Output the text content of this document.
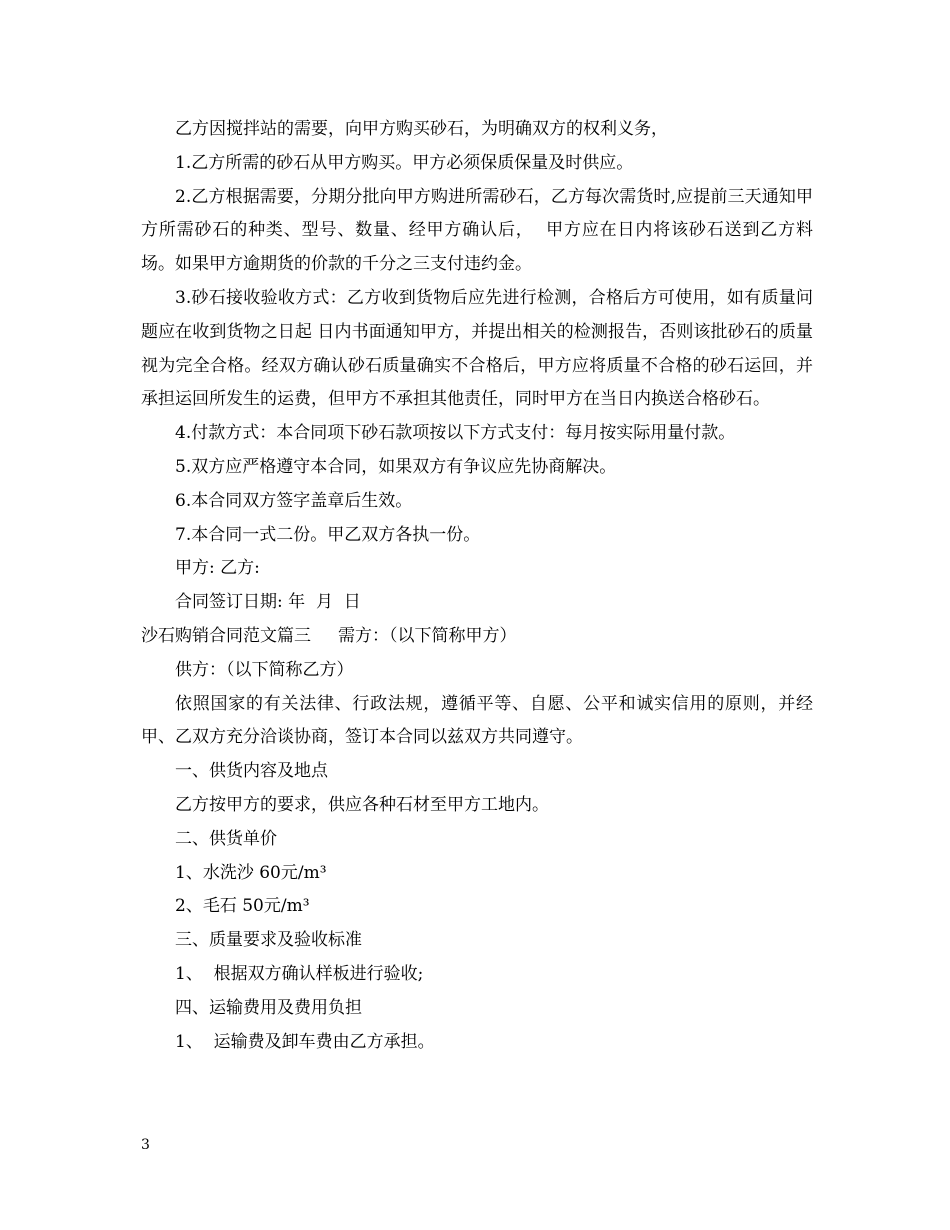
乙方因搅拌站的需要，向甲方购买砂石，为明确双方的权利义务，

1.乙方所需的砂石从甲方购买。甲方必须保质保量及时供应。

2.乙方根据需要，分期分批向甲方购进所需砂石，乙方每次需货时,应提前三天通知甲方所需砂石的种类、型号、数量、经甲方确认后，  甲方应在日内将该砂石送到乙方料场。如果甲方逾期货的价款的千分之三支付违约金。

3.砂石接收验收方式：乙方收到货物后应先进行检测，合格后方可使用，如有质量问题应在收到货物之日起 日内书面通知甲方，并提出相关的检测报告，否则该批砂石的质量视为完全合格。经双方确认砂石质量确实不合格后，甲方应将质量不合格的砂石运回，并承担运回所发生的运费，但甲方不承担其他责任，同时甲方在当日内换送合格砂石。

4.付款方式：本合同项下砂石款项按以下方式支付：每月按实际用量付款。

5.双方应严格遵守本合同，如果双方有争议应先协商解决。

6.本合同双方签字盖章后生效。

7.本合同一式二份。甲乙双方各执一份。

甲方: 乙方:

合同签订日期: 年  月  日

沙石购销合同范文篇三     需方：（以下简称甲方）

供方：（以下简称乙方）

依照国家的有关法律、行政法规，遵循平等、自愿、公平和诚实信用的原则，并经甲、乙双方充分洽谈协商，签订本合同以兹双方共同遵守。

一、供货内容及地点

乙方按甲方的要求，供应各种石材至甲方工地内。

二、供货单价

1、水洗沙 60元/m³

2、毛石 50元/m³

三、质量要求及验收标准

1、  根据双方确认样板进行验收;

四、运输费用及费用负担

1、  运输费及卸车费由乙方承担。

3
